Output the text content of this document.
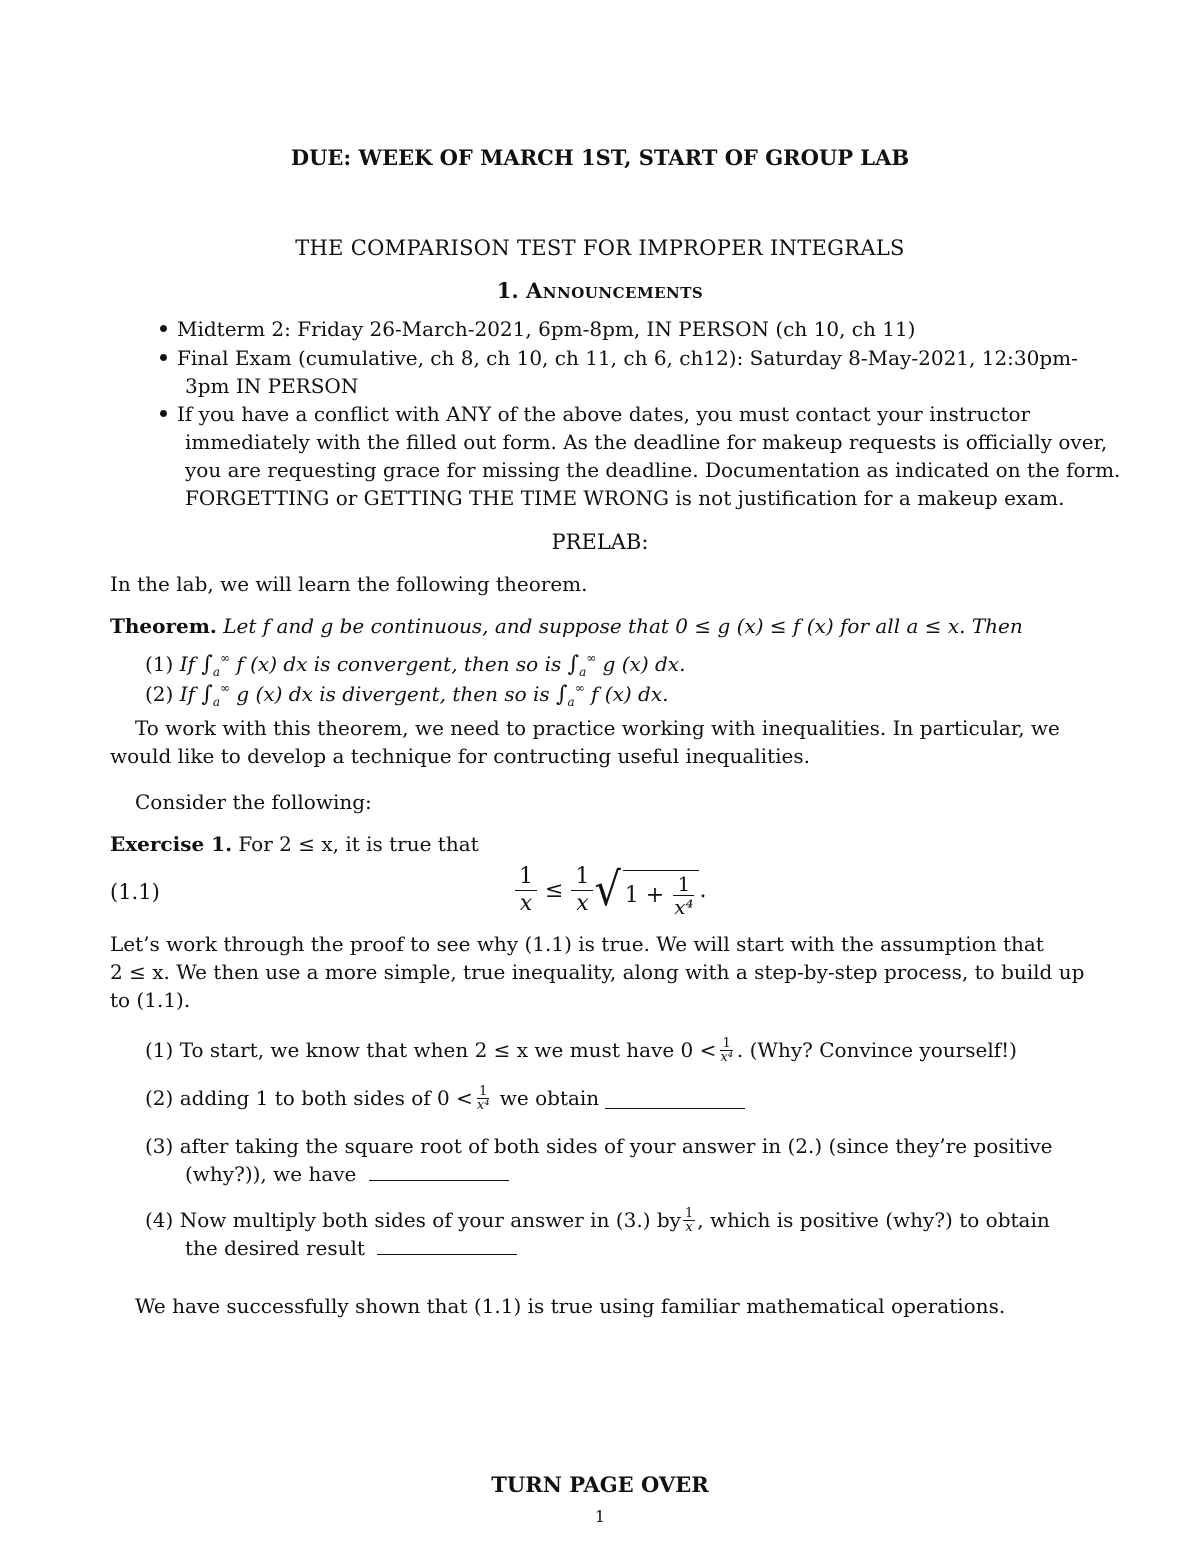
DUE: WEEK OF MARCH 1ST, START OF GROUP LAB
THE COMPARISON TEST FOR IMPROPER INTEGRALS
1. Announcements
Midterm 2: Friday 26-March-2021, 6pm-8pm, IN PERSON (ch 10, ch 11)
Final Exam (cumulative, ch 8, ch 10, ch 11, ch 6, ch12): Saturday 8-May-2021, 12:30pm-
3pm IN PERSON
If you have a conflict with ANY of the above dates, you must contact your instructor
immediately with the filled out form. As the deadline for makeup requests is officially over,
you are requesting grace for missing the deadline. Documentation as indicated on the form.
FORGETTING or GETTING THE TIME WRONG is not justification for a makeup exam.
PRELAB:
In the lab, we will learn the following theorem.
Theorem. Let f and g be continuous, and suppose that 0 ≤ g (x) ≤ f (x) for all a ≤ x. Then
(1) If $\int_a^\infty$ f (x) dx is convergent, then so is $\int_a^\infty$ g (x) dx.
(2) If $\int_a^\infty$ g (x) dx is divergent, then so is $\int_a^\infty$ f (x) dx.
To work with this theorem, we need to practice working with inequalities. In particular, we
would like to develop a technique for contructing useful inequalities.
Consider the following:
Exercise 1. For 2 ≤ x, it is true that
(1.1)	$\frac{1}{x} \le \frac{1}{x}$ √ $1 + \frac{1}{\text{x⁴}}$ .
Let’s work through the proof to see why (1.1) is true. We will start with the assumption that
2 ≤ x. We then use a more simple, true inequality, along with a step-by-step process, to build up
to (1.1).
(1)
To start, we know that when 2 ≤ x we must have $0 < \frac{1}{\text{x⁴}}$ . (Why? Convince yourself!)
(2)
adding 1 to both sides of $0 < \frac{1}{\text{x⁴}}$
we obtain
(3) after taking the square root of both sides of your answer in (2.) (since they’re positive
(why?)), we have
(4)
Now multiply both sides of your answer in (3.) by $\frac{1}{x}$ , which is positive (why?) to obtain
the desired result
We have successfully shown that (1.1) is true using familiar mathematical operations.
TURN PAGE OVER
1
